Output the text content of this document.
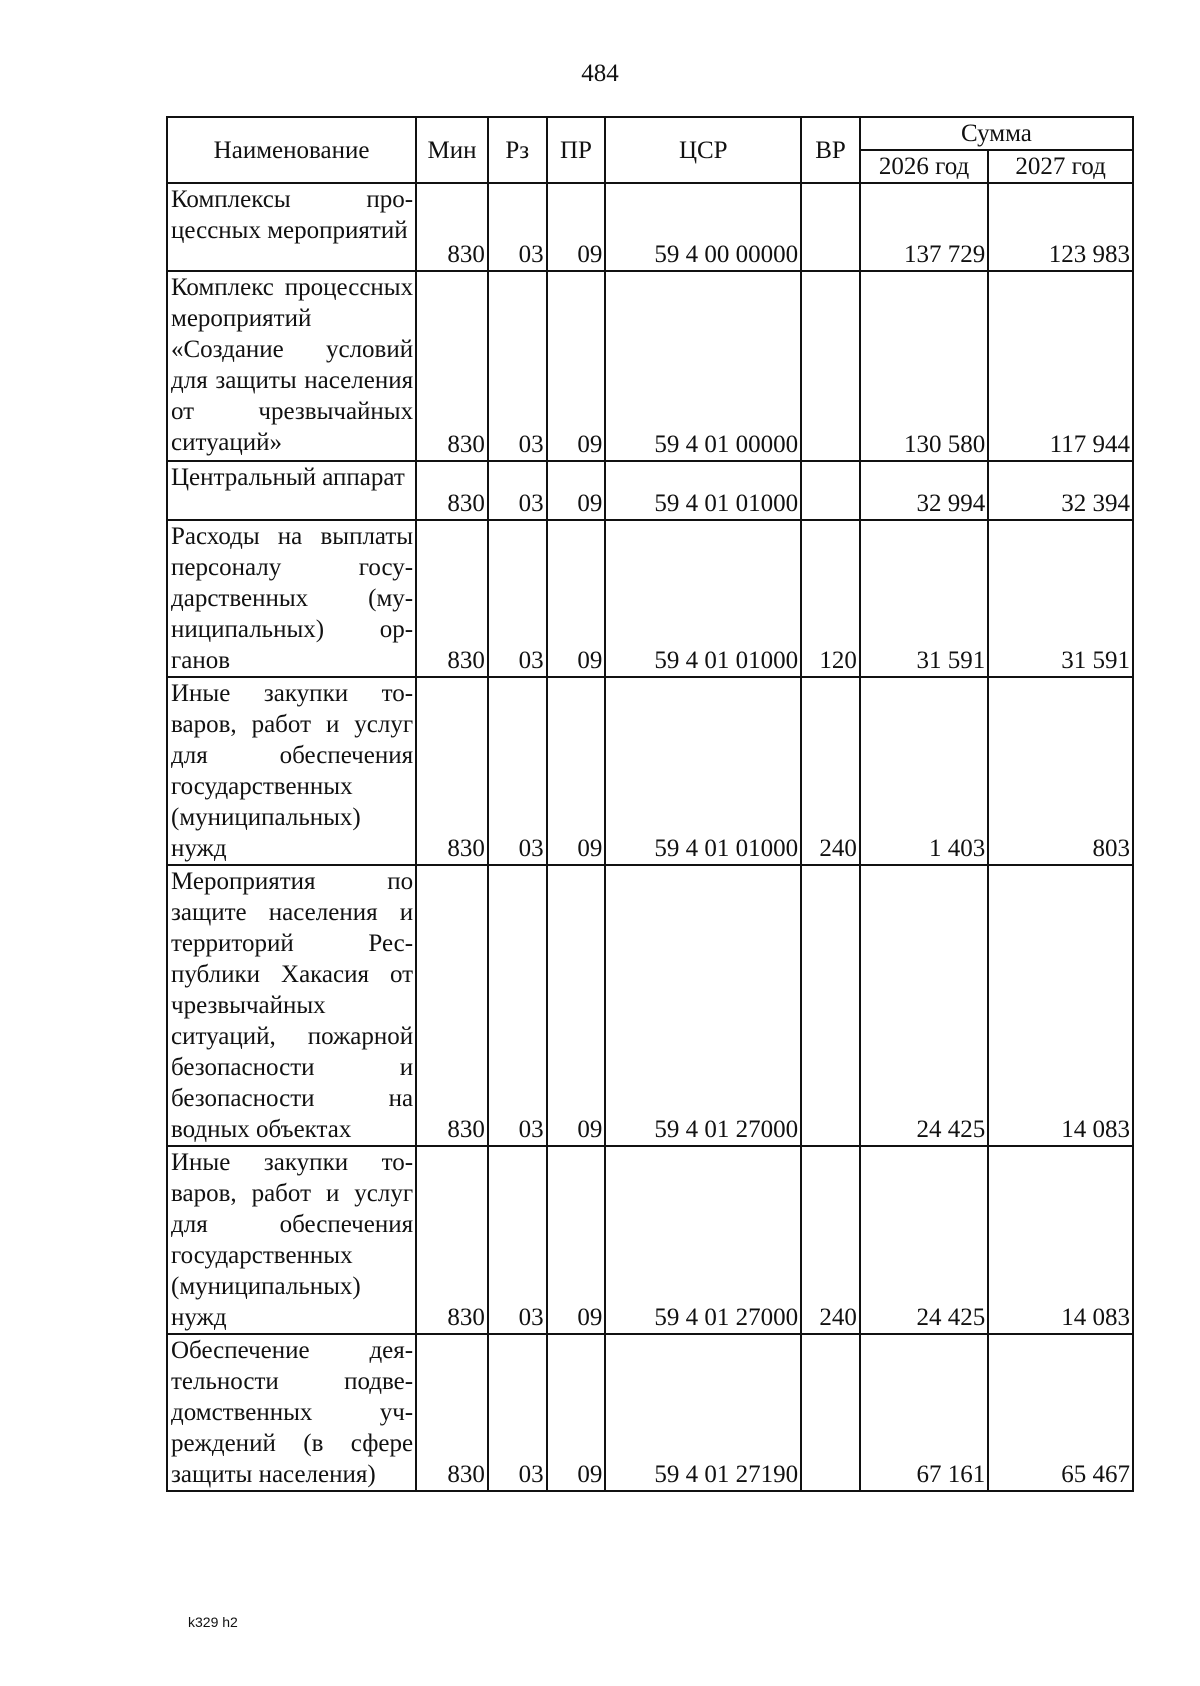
484
Наименование	Мин	Рз	ПР	ЦСР	ВР	Сумма	
						2026 год	2027 год
Комплексы процессных мероприятий	830	03	09	59 4 00 00000		137 729	123 983
Комплекс процессных мероприятий «Создание условий для защиты населения от чрезвычайных ситуаций»	830	03	09	59 4 01 00000		130 580	117 944
Центральный аппарат	830	03	09	59 4 01 01000		32 994	32 394
Расходы на выплаты персоналу государственных (муниципальных) органов	830	03	09	59 4 01 01000	120	31 591	31 591
Иные закупки товаров, работ и услуг для обеспечения государственных (муниципальных) нужд	830	03	09	59 4 01 01000	240	1 403	803
Мероприятия по защите населения и территорий Республики Хакасия от чрезвычайных ситуаций, пожарной безопасности и безопасности на водных объектах	830	03	09	59 4 01 27000		24 425	14 083
Иные закупки товаров, работ и услуг для обеспечения государственных (муниципальных) нужд	830	03	09	59 4 01 27000	240	24 425	14 083
Обеспечение деятельности подведомственных учреждений (в сфере защиты населения)	830	03	09	59 4 01 27190		67 161	65 467
k329 h2
